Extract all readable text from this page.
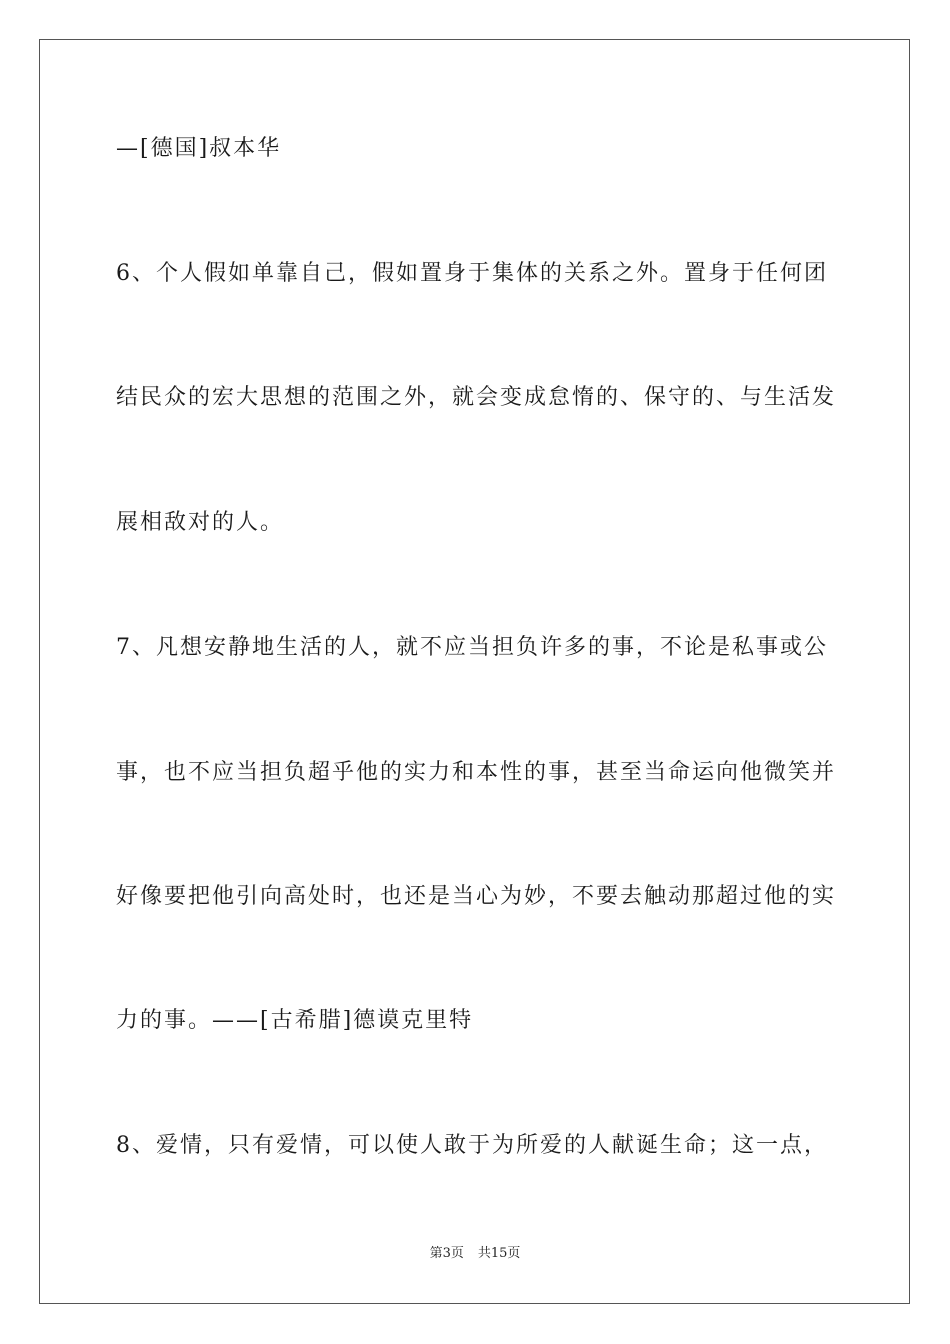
—[德国]叔本华
6、个人假如单靠自己，假如置身于集体的关系之外。置身于任何团
结民众的宏大思想的范围之外，就会变成怠惰的、保守的、与生活发
展相敌对的人。
7、凡想安静地生活的人，就不应当担负许多的事，不论是私事或公
事，也不应当担负超乎他的实力和本性的事，甚至当命运向他微笑并
好像要把他引向高处时，也还是当心为妙，不要去触动那超过他的实
力的事。——[古希腊]德谟克里特
8、爱情，只有爱情，可以使人敢于为所爱的人献诞生命；这一点，
第3页 共15页
